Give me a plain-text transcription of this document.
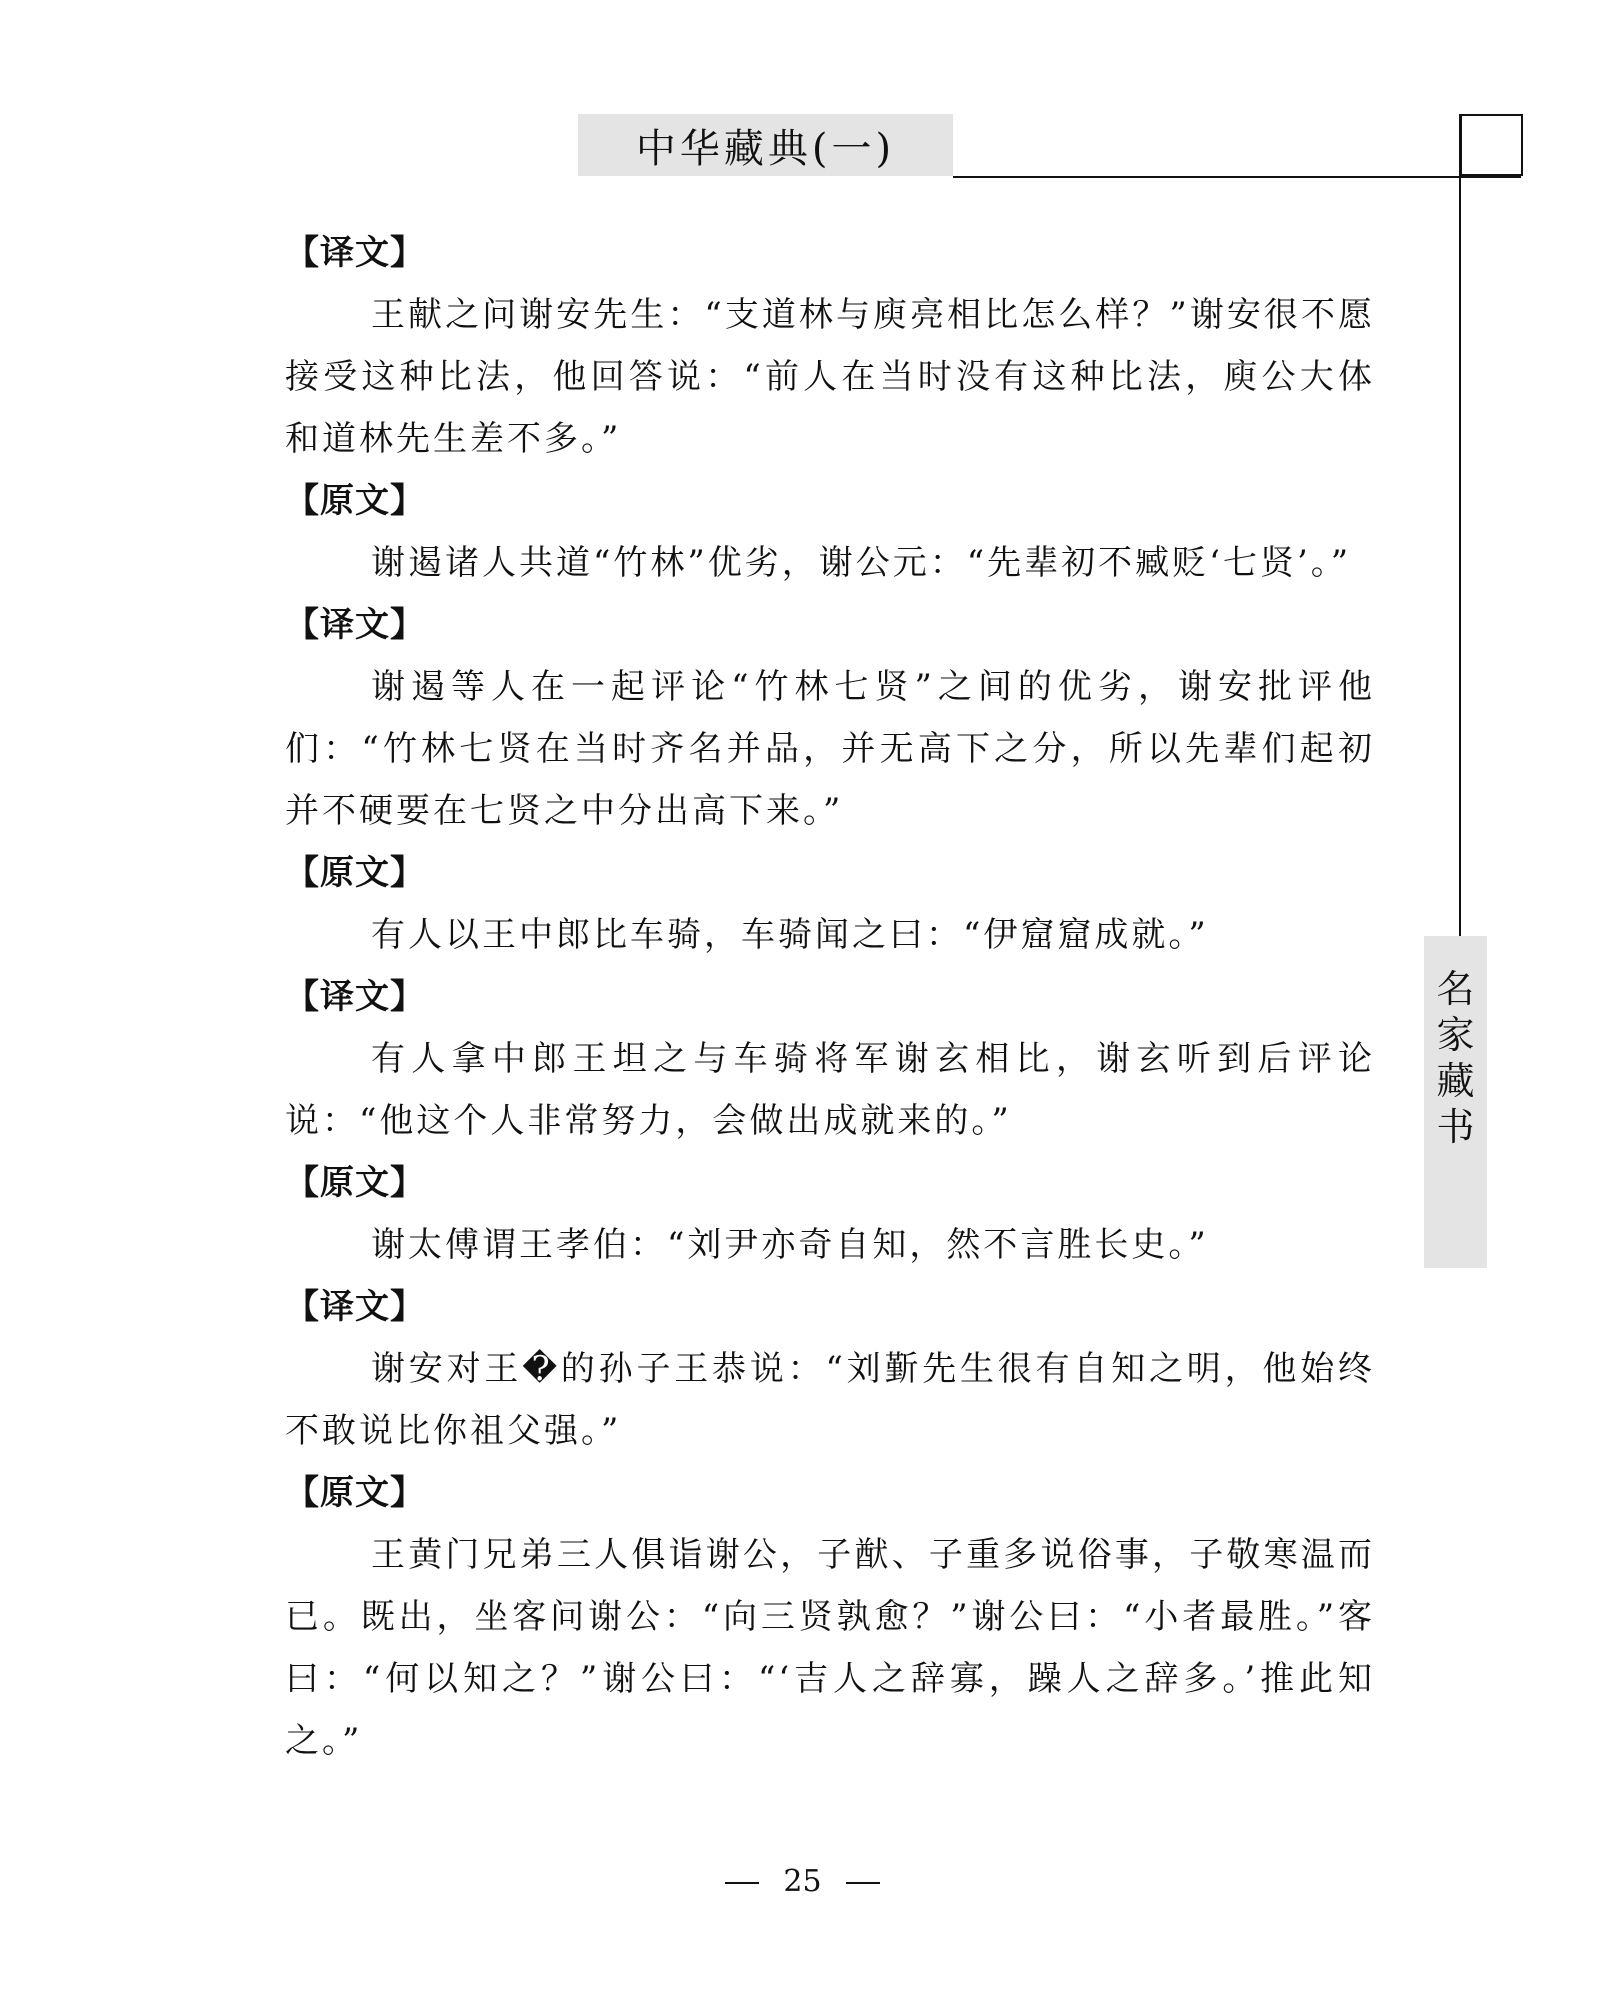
中华藏典(一)
名
家
藏
书

【译文】

王献之问谢安先生：“支道林与庾亮相比怎么样？”谢安很不愿接受这种比法，他回答说：“前人在当时没有这种比法，庾公大体和道林先生差不多。”

【原文】

谢遏诸人共道“竹林”优劣，谢公元：“先辈初不臧贬‘七贤’。”

【译文】

谢遏等人在一起评论“竹林七贤”之间的优劣，谢安批评他们：“竹林七贤在当时齐名并品，并无高下之分，所以先辈们起初并不硬要在七贤之中分出高下来。”

【原文】

有人以王中郎比车骑，车骑闻之曰：“伊窟窟成就。”

【译文】

有人拿中郎王坦之与车骑将军谢玄相比，谢玄听到后评论说：“他这个人非常努力，会做出成就来的。”

【原文】

谢太傅谓王孝伯：“刘尹亦奇自知，然不言胜长史。”

【译文】

谢安对王�的孙子王恭说：“刘斳先生很有自知之明，他始终不敢说比你祖父强。”

【原文】

王黄门兄弟三人俱诣谢公，子猷、子重多说俗事，子敬寒温而已。既出，坐客问谢公：“向三贤孰愈？”谢公曰：“小者最胜。”客曰：“何以知之？”谢公曰：“‘吉人之辞寡，躁人之辞多。’推此知之。”

25
